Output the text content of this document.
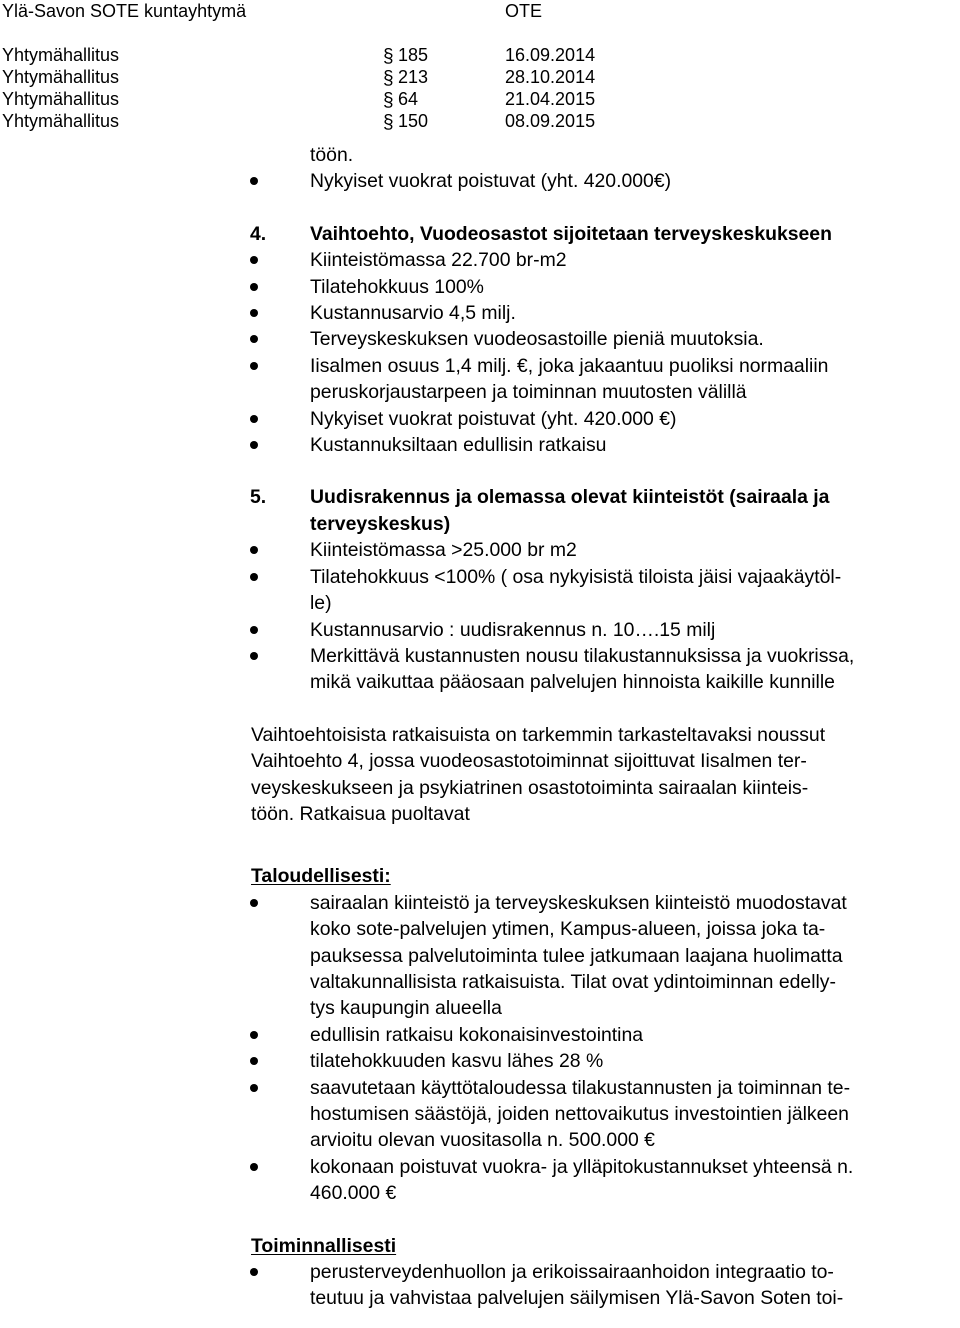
Ylä-Savon SOTE kuntayhtymä	OTE
Yhtymähallitus	§ 185	16.09.2014
Yhtymähallitus	§ 213	28.10.2014
Yhtymähallitus	§ 64	21.04.2015
Yhtymähallitus	§ 150	08.09.2015
töön.
Nykyiset vuokrat poistuvat (yht. 420.000€)
4. Vaihtoehto, Vuodeosastot sijoitetaan terveyskeskukseen
Kiinteistömassa 22.700 br-m2
Tilatehokkuus 100%
Kustannusarvio 4,5 milj.
Terveyskeskuksen vuodeosastoille pieniä muutoksia.
Iisalmen osuus 1,4 milj. €, joka jakaantuu puoliksi normaaliin
peruskorjaustarpeen ja toiminnan muutosten välillä
Nykyiset vuokrat poistuvat (yht. 420.000 €)
Kustannuksiltaan edullisin ratkaisu
5. Uudisrakennus ja olemassa olevat kiinteistöt (sairaala ja
terveyskeskus)
Kiinteistömassa >25.000 br m2
Tilatehokkuus <100% ( osa nykyisistä tiloista jäisi vajaakäytöl-
le)
Kustannusarvio : uudisrakennus n. 10….15 milj
Merkittävä kustannusten nousu tilakustannuksissa ja vuokrissa,
mikä vaikuttaa pääosaan palvelujen hinnoista kaikille kunnille
Vaihtoehtoisista ratkaisuista on tarkemmin tarkasteltavaksi noussut
Vaihtoehto 4, jossa vuodeosastotoiminnat sijoittuvat Iisalmen ter-
veyskeskukseen ja psykiatrinen osastotoiminta sairaalan kiinteis-
töön. Ratkaisua puoltavat
Taloudellisesti:
sairaalan kiinteistö ja terveyskeskuksen kiinteistö muodostavat
koko sote-palvelujen ytimen, Kampus-alueen, joissa joka ta-
pauksessa palvelutoiminta tulee jatkumaan laajana huolimatta
valtakunnallisista ratkaisuista. Tilat ovat ydintoiminnan edelly-
tys kaupungin alueella
edullisin ratkaisu kokonaisinvestointina
tilatehokkuuden kasvu lähes 28 %
saavutetaan käyttötaloudessa tilakustannusten ja toiminnan te-
hostumisen säästöjä, joiden nettovaikutus investointien jälkeen
arvioitu olevan vuositasolla n. 500.000 €
kokonaan poistuvat vuokra- ja ylläpitokustannukset yhteensä n.
460.000 €
Toiminnallisesti
perusterveydenhuollon ja erikoissairaanhoidon integraatio to-
teutuu ja vahvistaa palvelujen säilymisen Ylä-Savon Soten toi-
